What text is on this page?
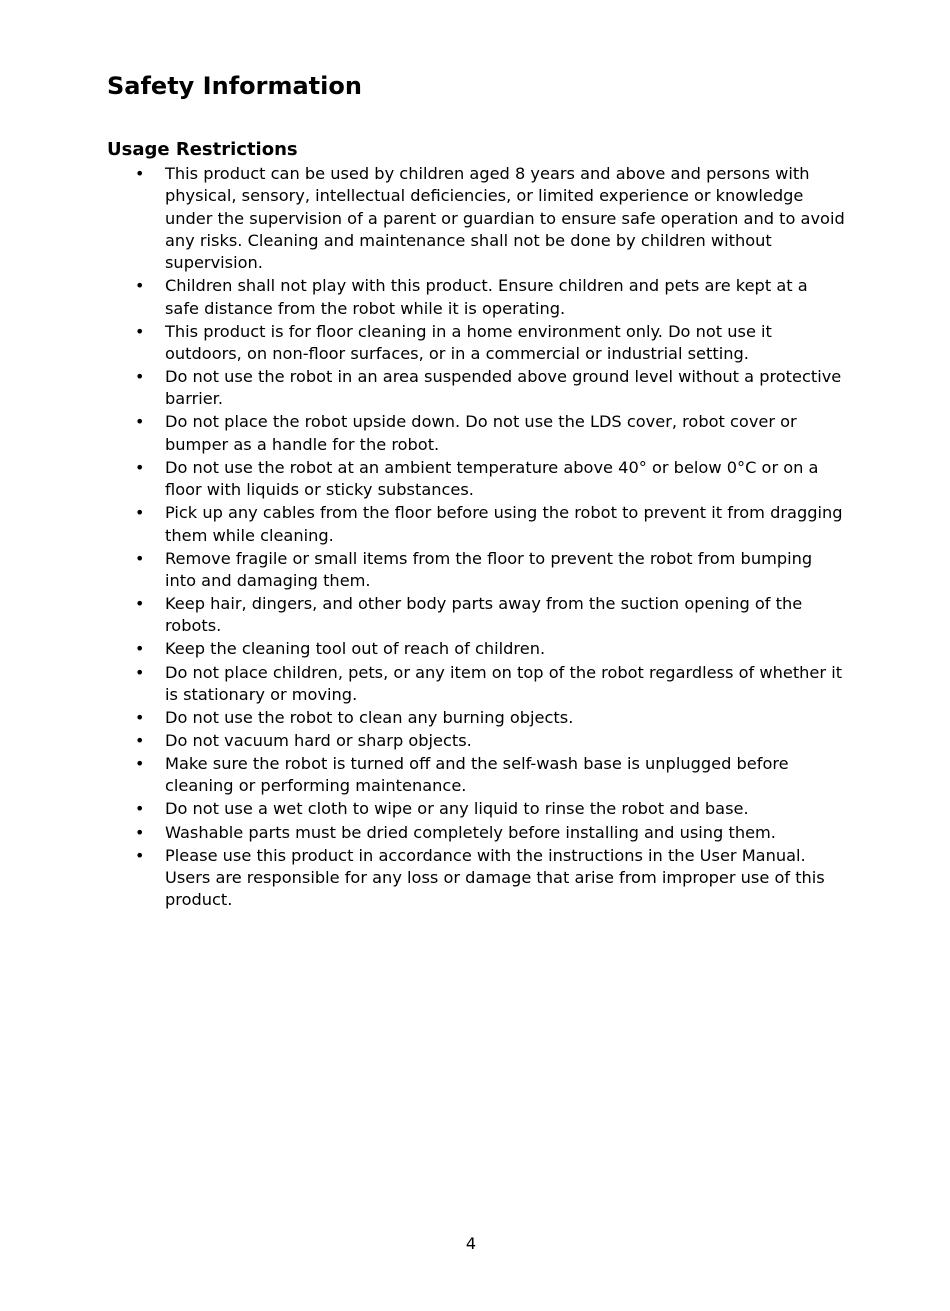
Safety Information
Usage Restrictions
• This product can be used by children aged 8 years and above and persons with physical, sensory, intellectual deficiencies, or limited experience or knowledge under the supervision of a parent or guardian to ensure safe operation and to avoid any risks. Cleaning and maintenance shall not be done by children without supervision.
• Children shall not play with this product. Ensure children and pets are kept at a safe distance from the robot while it is operating.
• This product is for floor cleaning in a home environment only. Do not use it outdoors, on non-floor surfaces, or in a commercial or industrial setting.
• Do not use the robot in an area suspended above ground level without a protective barrier.
• Do not place the robot upside down. Do not use the LDS cover, robot cover or bumper as a handle for the robot.
• Do not use the robot at an ambient temperature above 40° or below 0°C or on a floor with liquids or sticky substances.
• Pick up any cables from the floor before using the robot to prevent it from dragging them while cleaning.
• Remove fragile or small items from the floor to prevent the robot from bumping into and damaging them.
• Keep hair, dingers, and other body parts away from the suction opening of the robots.
• Keep the cleaning tool out of reach of children.
• Do not place children, pets, or any item on top of the robot regardless of whether it is stationary or moving.
• Do not use the robot to clean any burning objects.
• Do not vacuum hard or sharp objects.
• Make sure the robot is turned off and the self-wash base is unplugged before cleaning or performing maintenance.
• Do not use a wet cloth to wipe or any liquid to rinse the robot and base.
• Washable parts must be dried completely before installing and using them.
• Please use this product in accordance with the instructions in the User Manual. Users are responsible for any loss or damage that arise from improper use of this product.
4
